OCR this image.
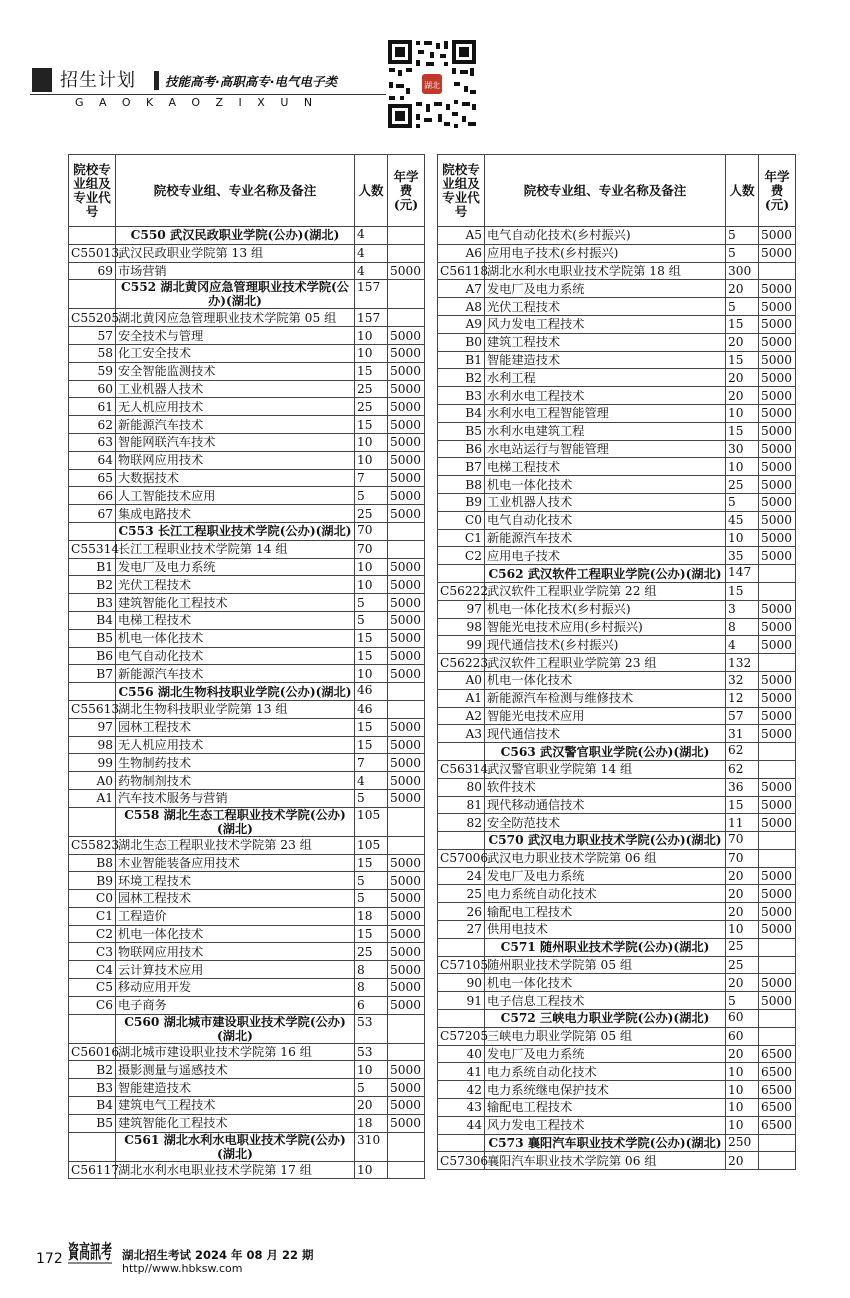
招生计划 技能高考·高职高专·电气电子类
GAOKAOZIXUN
湖北
院校专业组及专业代号	院校专业组、专业名称及备注	人数	年学费(元)
	C550 武汉民政职业学院(公办)(湖北)	4	
C55013	武汉民政职业学院第 13 组	4	
69	市场营销	4	5000
	C552 湖北黄冈应急管理职业技术学院(公办)(湖北)	157	
C55205	湖北黄冈应急管理职业技术学院第 05 组	157	
57	安全技术与管理	10	5000
58	化工安全技术	10	5000
59	安全智能监测技术	15	5000
60	工业机器人技术	25	5000
61	无人机应用技术	25	5000
62	新能源汽车技术	15	5000
63	智能网联汽车技术	10	5000
64	物联网应用技术	10	5000
65	大数据技术	7	5000
66	人工智能技术应用	5	5000
67	集成电路技术	25	5000
	C553 长江工程职业技术学院(公办)(湖北)	70	
C55314	长江工程职业技术学院第 14 组	70	
B1	发电厂及电力系统	10	5000
B2	光伏工程技术	10	5000
B3	建筑智能化工程技术	5	5000
B4	电梯工程技术	5	5000
B5	机电一体化技术	15	5000
B6	电气自动化技术	15	5000
B7	新能源汽车技术	10	5000
	C556 湖北生物科技职业学院(公办)(湖北)	46	
C55613	湖北生物科技职业学院第 13 组	46	
97	园林工程技术	15	5000
98	无人机应用技术	15	5000
99	生物制药技术	7	5000
A0	药物制剂技术	4	5000
A1	汽车技术服务与营销	5	5000
	C558 湖北生态工程职业技术学院(公办)(湖北)	105	
C55823	湖北生态工程职业技术学院第 23 组	105	
B8	木业智能装备应用技术	15	5000
B9	环境工程技术	5	5000
C0	园林工程技术	5	5000
C1	工程造价	18	5000
C2	机电一体化技术	15	5000
C3	物联网应用技术	25	5000
C4	云计算技术应用	8	5000
C5	移动应用开发	8	5000
C6	电子商务	6	5000
	C560 湖北城市建设职业技术学院(公办)(湖北)	53	
C56016	湖北城市建设职业技术学院第 16 组	53	
B2	摄影测量与遥感技术	10	5000
B3	智能建造技术	5	5000
B4	建筑电气工程技术	20	5000
B5	建筑智能化工程技术	18	5000
	C561 湖北水利水电职业技术学院(公办)(湖北)	310	
C56117	湖北水利水电职业技术学院第 17 组	10	
院校专业组及专业代号	院校专业组、专业名称及备注	人数	年学费(元)
A5	电气自动化技术(乡村振兴)	5	5000
A6	应用电子技术(乡村振兴)	5	5000
C56118	湖北水利水电职业技术学院第 18 组	300	
A7	发电厂及电力系统	20	5000
A8	光伏工程技术	5	5000
A9	风力发电工程技术	15	5000
B0	建筑工程技术	20	5000
B1	智能建造技术	15	5000
B2	水利工程	20	5000
B3	水利水电工程技术	20	5000
B4	水利水电工程智能管理	10	5000
B5	水利水电建筑工程	15	5000
B6	水电站运行与智能管理	30	5000
B7	电梯工程技术	10	5000
B8	机电一体化技术	25	5000
B9	工业机器人技术	5	5000
C0	电气自动化技术	45	5000
C1	新能源汽车技术	10	5000
C2	应用电子技术	35	5000
	C562 武汉软件工程职业学院(公办)(湖北)	147	
C56222	武汉软件工程职业学院第 22 组	15	
97	机电一体化技术(乡村振兴)	3	5000
98	智能光电技术应用(乡村振兴)	8	5000
99	现代通信技术(乡村振兴)	4	5000
C56223	武汉软件工程职业学院第 23 组	132	
A0	机电一体化技术	32	5000
A1	新能源汽车检测与维修技术	12	5000
A2	智能光电技术应用	57	5000
A3	现代通信技术	31	5000
	C563 武汉警官职业学院(公办)(湖北)	62	
C56314	武汉警官职业学院第 14 组	62	
80	软件技术	36	5000
81	现代移动通信技术	15	5000
82	安全防范技术	11	5000
	C570 武汉电力职业技术学院(公办)(湖北)	70	
C57006	武汉电力职业技术学院第 06 组	70	
24	发电厂及电力系统	20	5000
25	电力系统自动化技术	20	5000
26	输配电工程技术	20	5000
27	供用电技术	10	5000
	C571 随州职业技术学院(公办)(湖北)	25	
C57105	随州职业技术学院第 05 组	25	
90	机电一体化技术	20	5000
91	电子信息工程技术	5	5000
	C572 三峡电力职业学院(公办)(湖北)	60	
C57205	三峡电力职业学院第 05 组	60	
40	发电厂及电力系统	20	6500
41	电力系统自动化技术	10	6500
42	电力系统继电保护技术	10	6500
43	输配电工程技术	10	6500
44	风力发电工程技术	10	6500
	C573 襄阳汽车职业技术学院(公办)(湖北)	250	
C57306	襄阳汽车职业技术学院第 06 组	20	
172 資高訊考
湖北招生考试 2024 年 08 月 22 期
http//www.hbksw.com
